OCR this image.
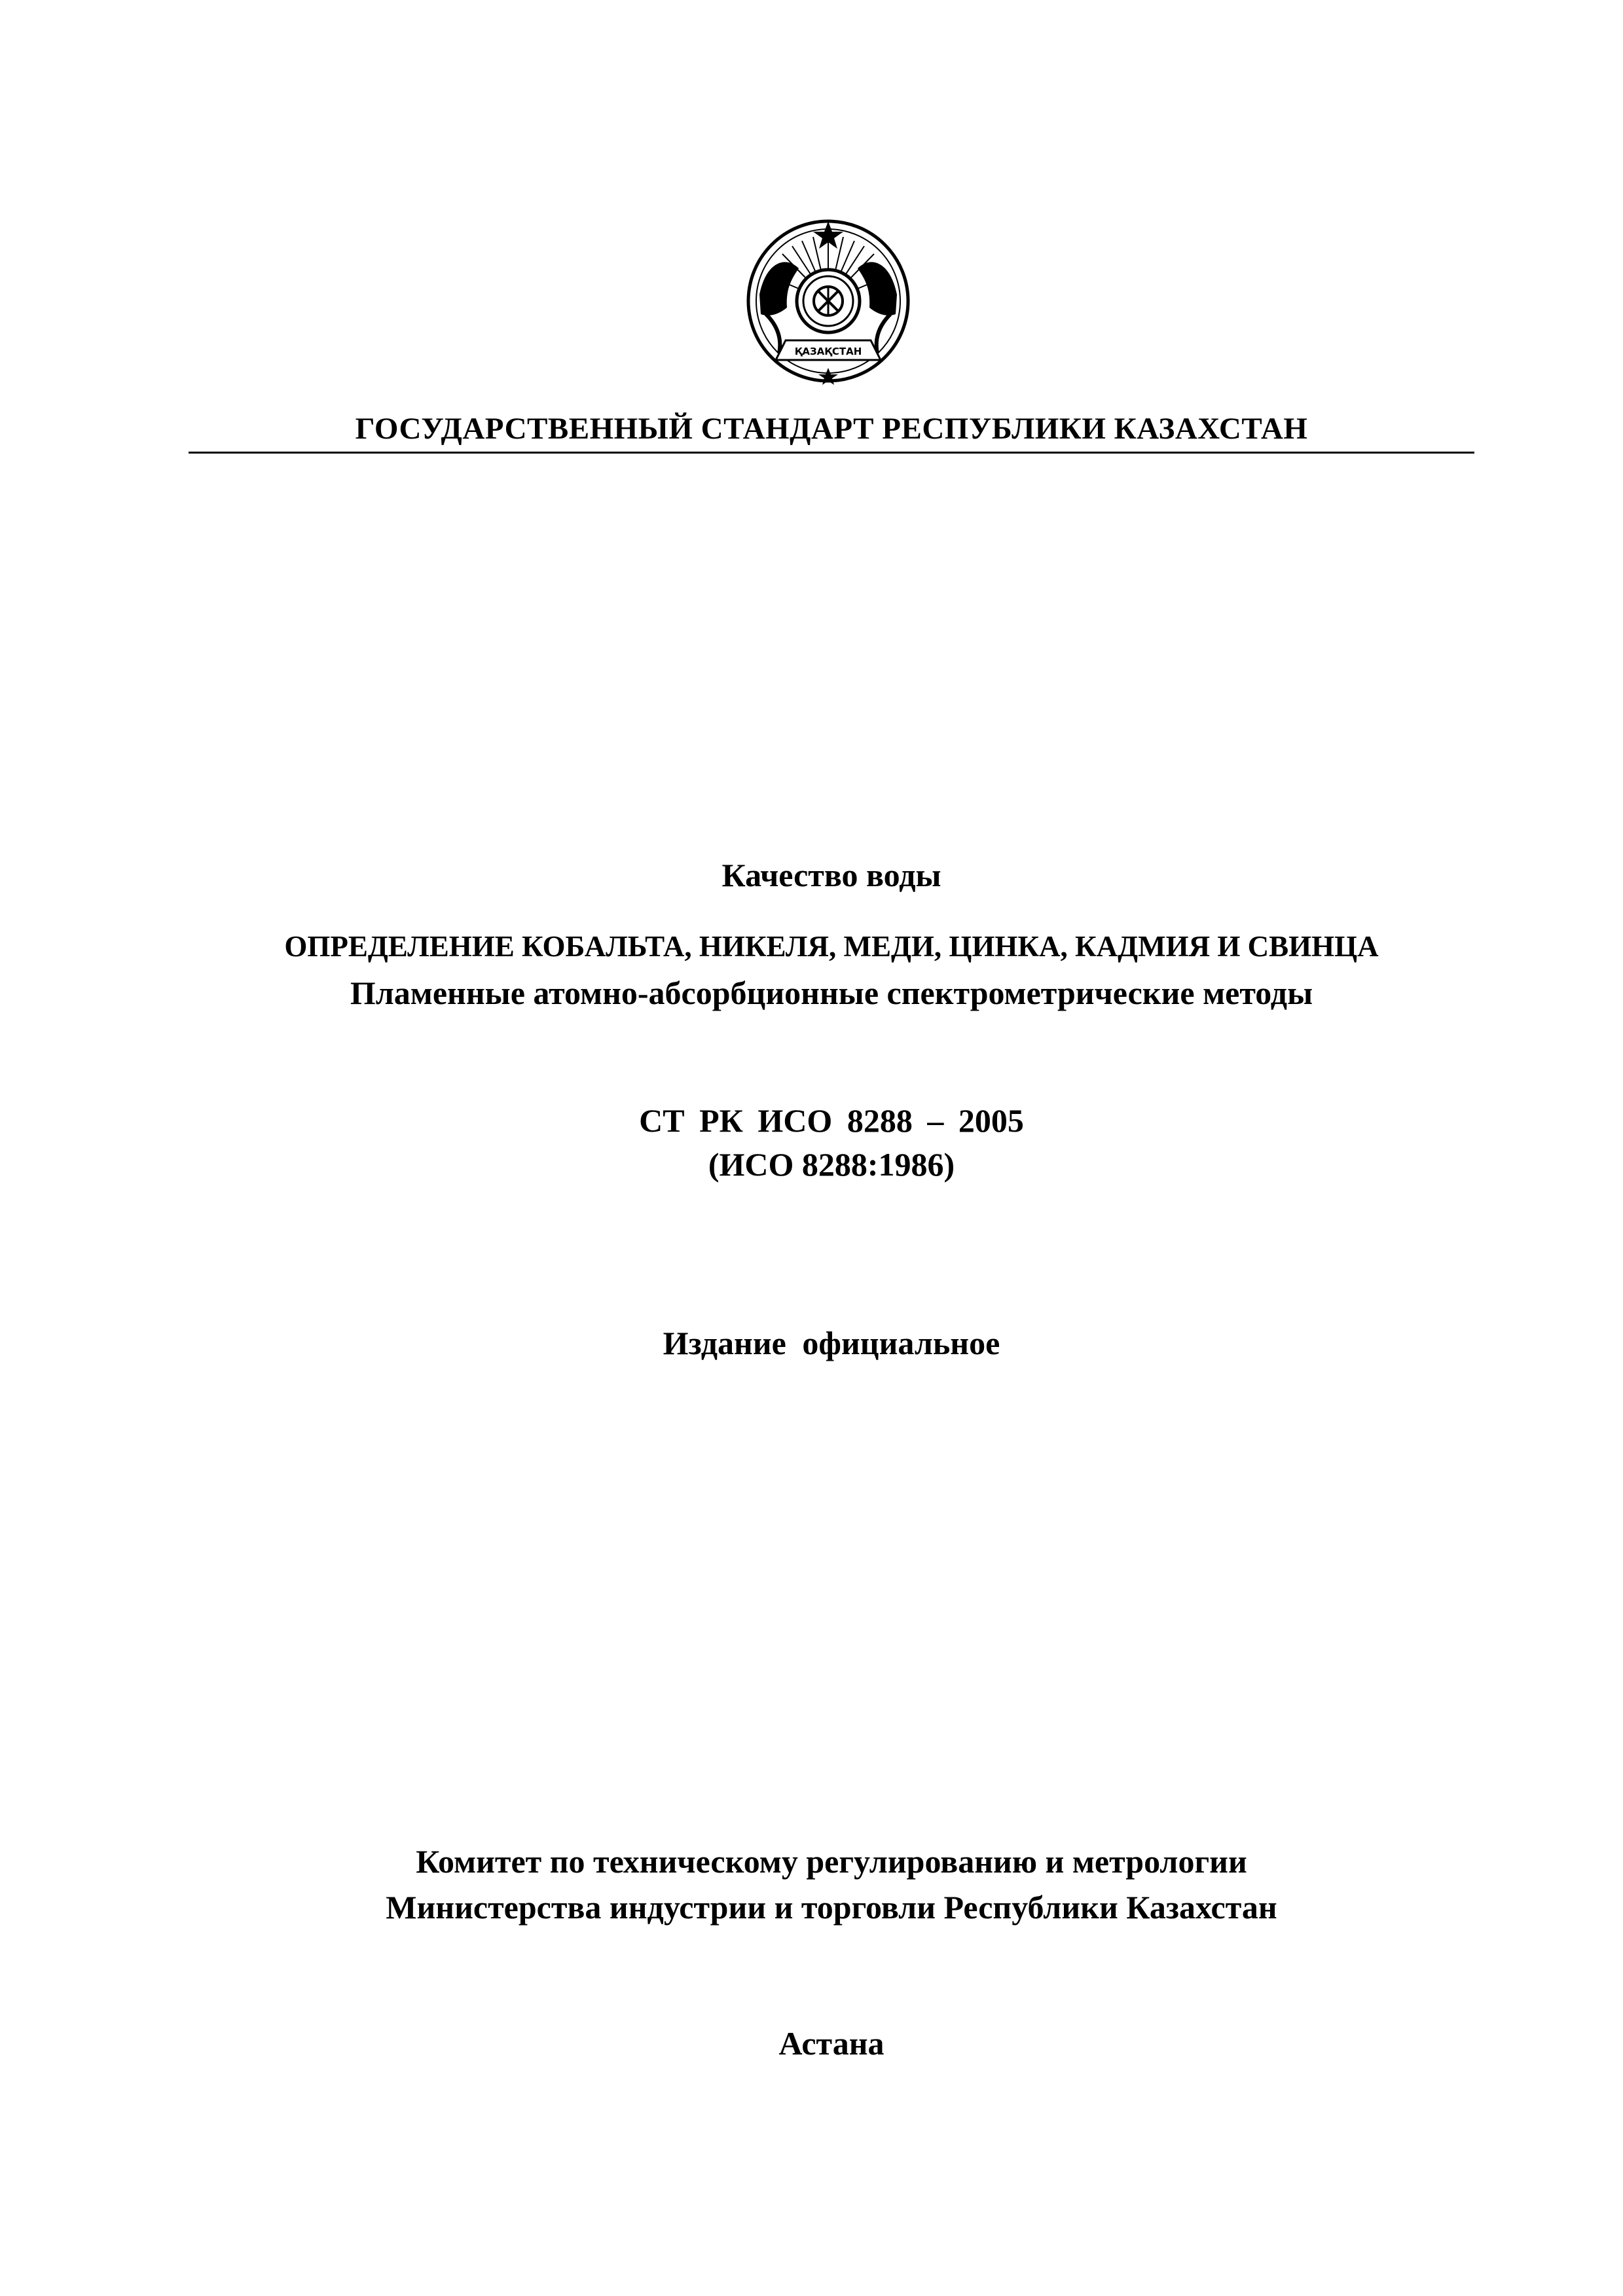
ҚАЗАҚСТАН
ГОСУДАРСТВЕННЫЙ СТАНДАРТ РЕСПУБЛИКИ КАЗАХСТАН
Качество воды
ОПРЕДЕЛЕНИЕ КОБАЛЬТА, НИКЕЛЯ, МЕДИ, ЦИНКА, КАДМИЯ И СВИНЦА
Пламенные атомно-абсорбционные спектрометрические методы
СТ РК ИСО 8288 – 2005
(ИСО 8288:1986)
Издание официальное
Комитет по техническому регулированию и метрологии
Министерства индустрии и торговли Республики Казахстан
Астана
